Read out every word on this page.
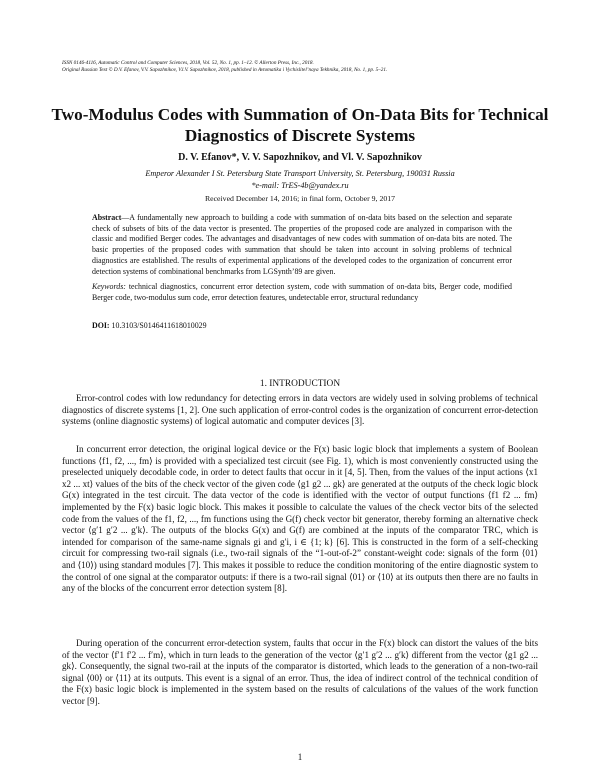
ISSN 0146-4116, Automatic Control and Computer Sciences, 2018, Vol. 52, No. 1, pp. 1–12. © Allerton Press, Inc., 2018.
Original Russian Text © D.V. Efanov, V.V. Sapozhnikov, V.l.V. Sapozhnikov, 2018, published in Avtomatika i Vychislitel’naya Tekhnika, 2018, No. 1, pp. 5–21.
Two-Modulus Codes with Summation of On-Data Bits for Technical Diagnostics of Discrete Systems
D. V. Efanov*, V. V. Sapozhnikov, and Vl. V. Sapozhnikov
Emperor Alexander I St. Petersburg State Transport University, St. Petersburg, 190031 Russia
*e-mail: TrES-4b@yandex.ru
Received December 14, 2016; in final form, October 9, 2017
Abstract—A fundamentally new approach to building a code with summation of on-data bits based on the selection and separate check of subsets of bits of the data vector is presented. The properties of the proposed code are analyzed in comparison with the classic and modified Berger codes. The advantages and disadvantages of new codes with summation of on-data bits are noted. The basic properties of the proposed codes with summation that should be taken into account in solving problems of technical diagnostics are established. The results of experimental applications of the developed codes to the organization of concurrent error detection systems of combinational benchmarks from LGSynth’89 are given.
Keywords: technical diagnostics, concurrent error detection system, code with summation of on-data bits, Berger code, modified Berger code, two-modulus sum code, error detection features, undetectable error, structural redundancy
DOI: 10.3103/S0146411618010029
1. INTRODUCTION
Error-control codes with low redundancy for detecting errors in data vectors are widely used in solving problems of technical diagnostics of discrete systems [1, 2]. One such application of error-control codes is the organization of concurrent error-detection systems (online diagnostic systems) of logical automatic and computer devices [3].
In concurrent error detection, the original logical device or the F(x) basic logic block that implements a system of Boolean functions ⟨f1, f2, ..., fm⟩ is provided with a specialized test circuit (see Fig. 1), which is most conveniently constructed using the preselected uniquely decodable code, in order to detect faults that occur in it [4, 5]. Then, from the values of the input actions ⟨x1 x2 ... xt⟩ values of the bits of the check vector of the given code ⟨g1 g2 ... gk⟩ are generated at the outputs of the check logic block G(x) integrated in the test circuit. The data vector of the code is identified with the vector of output functions ⟨f1 f2 ... fm⟩ implemented by the F(x) basic logic block. This makes it possible to calculate the values of the check vector bits of the selected code from the values of the f1, f2, ..., fm functions using the G(f) check vector bit generator, thereby forming an alternative check vector ⟨g′1 g′2 ... g′k⟩. The outputs of the blocks G(x) and G(f) are combined at the inputs of the comparator TRC, which is intended for comparison of the same-name signals gi and g′i, i ∈ {1; k} [6]. This is constructed in the form of a self-checking circuit for compressing two-rail signals (i.e., two-rail signals of the “1-out-of-2” constant-weight code: signals of the form ⟨01⟩ and ⟨10⟩) using standard modules [7]. This makes it possible to reduce the condition monitoring of the entire diagnostic system to the control of one signal at the comparator outputs: if there is a two-rail signal ⟨01⟩ or ⟨10⟩ at its outputs then there are no faults in any of the blocks of the concurrent error detection system [8].
During operation of the concurrent error-detection system, faults that occur in the F(x) block can distort the values of the bits of the vector ⟨f′1 f′2 ... f′m⟩, which in turn leads to the generation of the vector ⟨g′1 g′2 ... g′k⟩ different from the vector ⟨g1 g2 ... gk⟩. Consequently, the signal two-rail at the inputs of the comparator is distorted, which leads to the generation of a non-two-rail signal ⟨00⟩ or ⟨11⟩ at its outputs. This event is a signal of an error. Thus, the idea of indirect control of the technical condition of the F(x) basic logic block is implemented in the system based on the results of calculations of the values of the work function vector [9].
1
